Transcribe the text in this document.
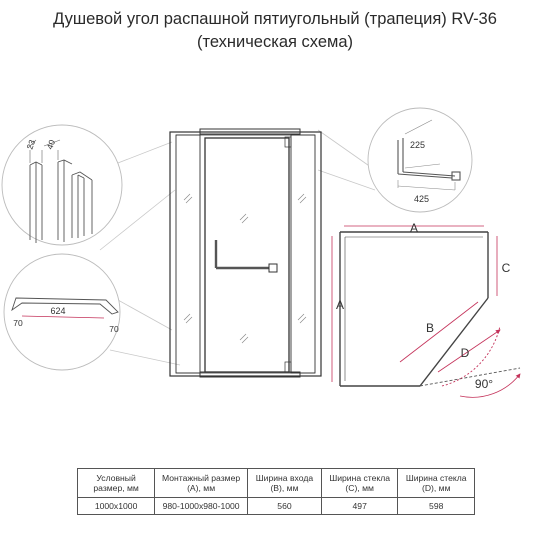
Душевой угол распашной пятиугольный (трапеция) RV-36
(техническая схема)
23 40
624
70
70
225
425
A
A
B
C
D
90°
Условный размер, мм	Монтажный размер (A), мм	Ширина входа (B), мм	Ширина стекла (C), мм	Ширина стекла (D), мм
1000x1000	980-1000x980-1000	560	497	598
